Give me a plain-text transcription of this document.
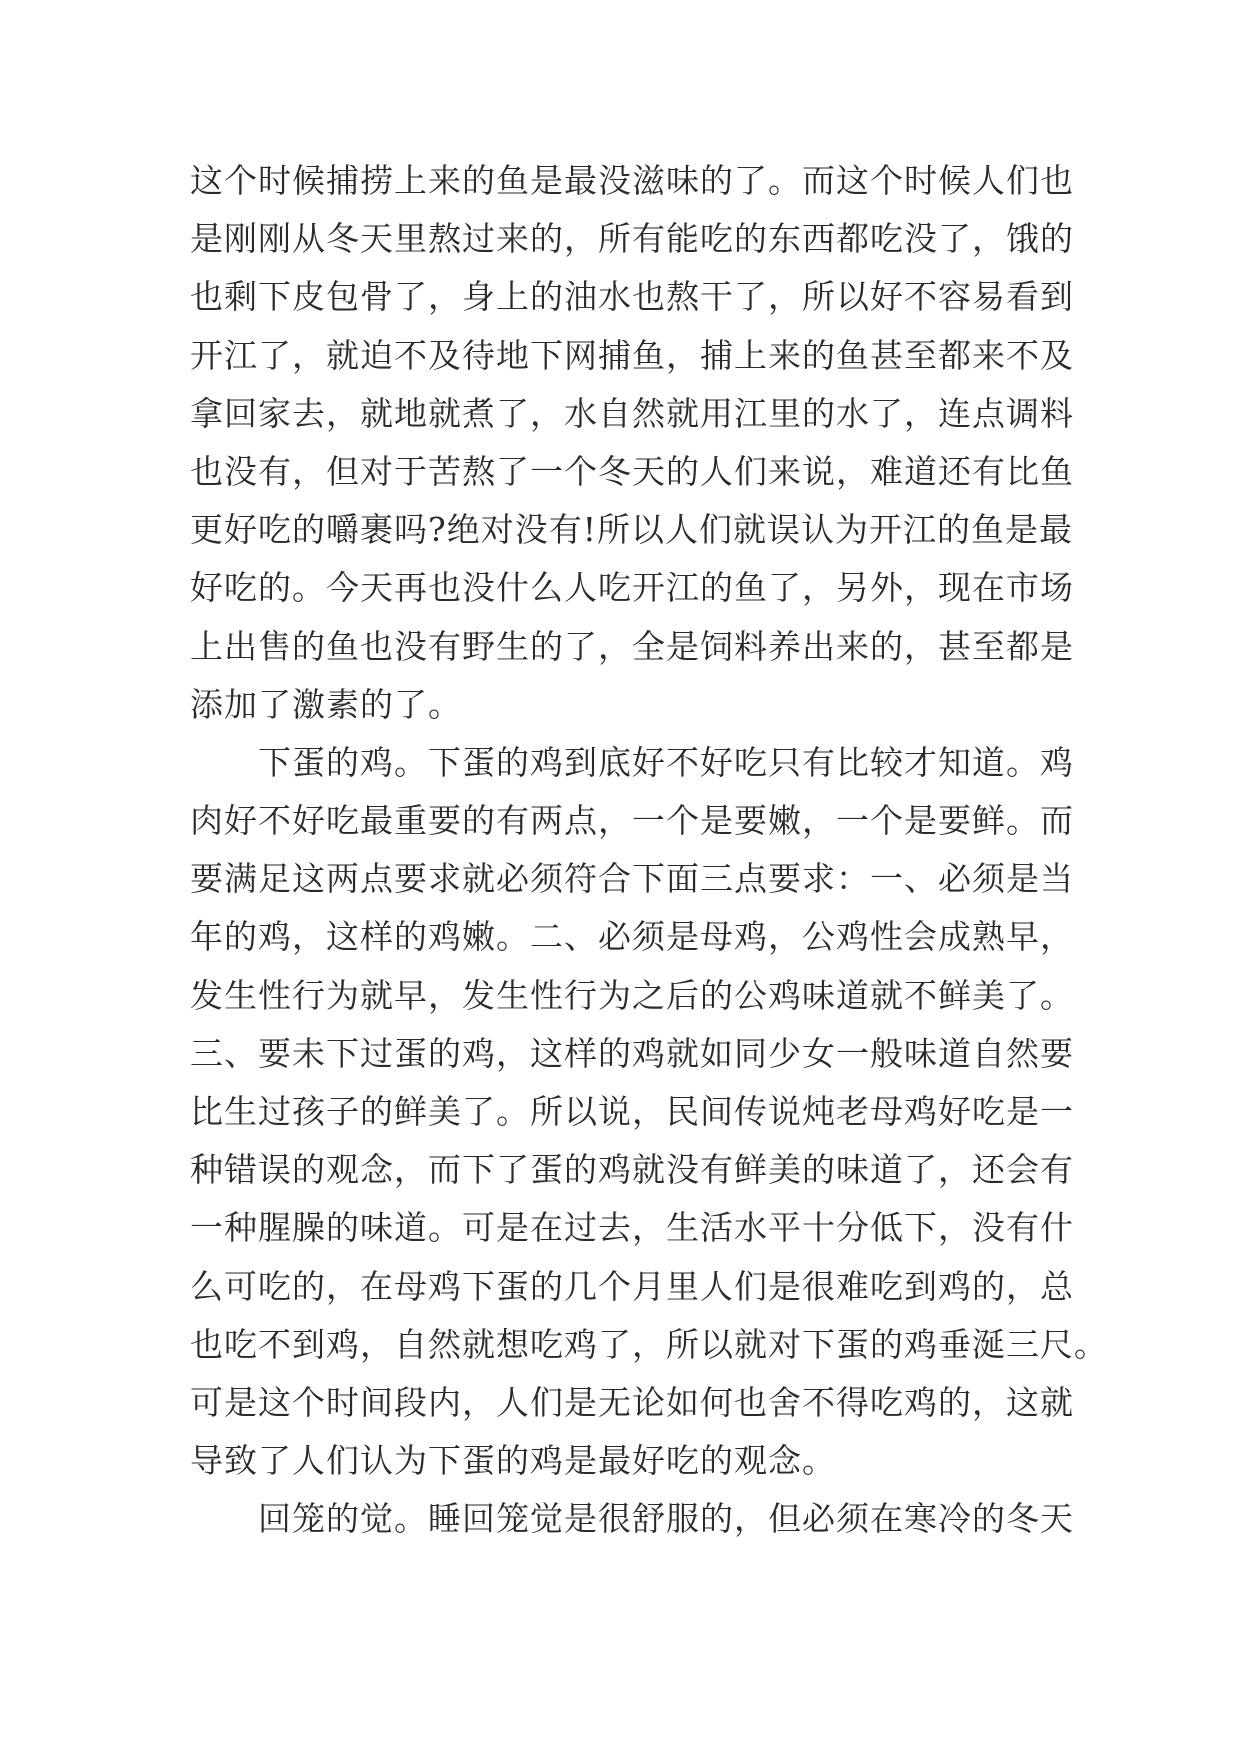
这个时候捕捞上来的鱼是最没滋味的了。而这个时候人们也
是刚刚从冬天里熬过来的，所有能吃的东西都吃没了，饿的
也剩下皮包骨了，身上的油水也熬干了，所以好不容易看到
开江了，就迫不及待地下网捕鱼，捕上来的鱼甚至都来不及
拿回家去，就地就煮了，水自然就用江里的水了，连点调料
也没有，但对于苦熬了一个冬天的人们来说，难道还有比鱼
更好吃的嚼裹吗?绝对没有!所以人们就误认为开江的鱼是最
好吃的。今天再也没什么人吃开江的鱼了，另外，现在市场
上出售的鱼也没有野生的了，全是饲料养出来的，甚至都是
添加了激素的了。
下蛋的鸡。下蛋的鸡到底好不好吃只有比较才知道。鸡
肉好不好吃最重要的有两点，一个是要嫩，一个是要鲜。而
要满足这两点要求就必须符合下面三点要求：一、必须是当
年的鸡，这样的鸡嫩。二、必须是母鸡，公鸡性会成熟早，
发生性行为就早，发生性行为之后的公鸡味道就不鲜美了。
三、要未下过蛋的鸡，这样的鸡就如同少女一般味道自然要
比生过孩子的鲜美了。所以说，民间传说炖老母鸡好吃是一
种错误的观念，而下了蛋的鸡就没有鲜美的味道了，还会有
一种腥臊的味道。可是在过去，生活水平十分低下，没有什
么可吃的，在母鸡下蛋的几个月里人们是很难吃到鸡的，总
也吃不到鸡，自然就想吃鸡了，所以就对下蛋的鸡垂涎三尺。
可是这个时间段内，人们是无论如何也舍不得吃鸡的，这就
导致了人们认为下蛋的鸡是最好吃的观念。
回笼的觉。睡回笼觉是很舒服的，但必须在寒冷的冬天
